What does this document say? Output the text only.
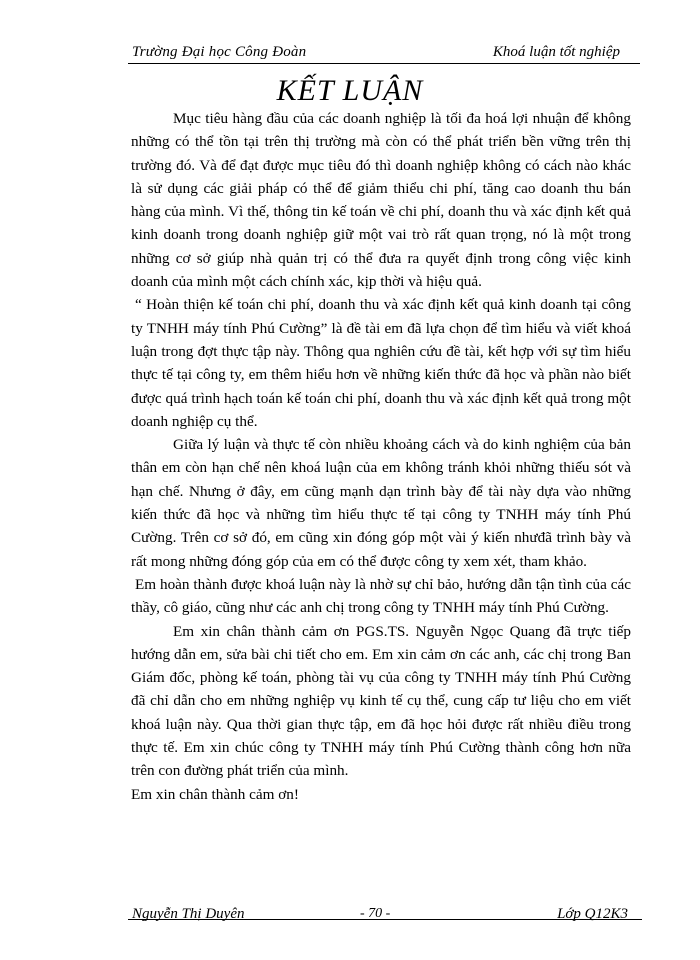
Trường Đại học Công Đoàn	Khoá luận tốt nghiệp
KẾT LUẬN

Mục tiêu hàng đầu của các doanh nghiệp là tối đa hoá lợi nhuận để không những có thể tồn tại trên thị trường mà còn có thể phát triển bền vững trên thị trường đó. Và để đạt được mục tiêu đó thì doanh nghiệp không có cách nào khác là sử dụng các giải pháp có thể để giảm thiểu chi phí, tăng cao doanh thu bán hàng của mình. Vì thế, thông tin kế toán về chi phí, doanh thu và xác định kết quả kinh doanh trong doanh nghiệp giữ một vai trò rất quan trọng, nó là một trong những cơ sở giúp nhà quản trị có thể đưa ra quyết định trong công việc kinh doanh của mình một cách chính xác, kịp thời và hiệu quả.

“ Hoàn thiện kế toán chi phí, doanh thu và xác định kết quả kinh doanh tại công ty TNHH máy tính Phú Cường” là đề tài em đã lựa chọn để tìm hiểu và viết khoá luận trong đợt thực tập này. Thông qua nghiên cứu đề tài, kết hợp với sự tìm hiểu thực tế tại công ty, em thêm hiểu hơn về những kiến thức đã học và phần nào biết được quá trình hạch toán kế toán chi phí, doanh thu và xác định kết quả trong một doanh nghiệp cụ thể.

Giữa lý luận và thực tế còn nhiều khoảng cách và do kinh nghiệm của bản thân em còn hạn chế nên khoá luận của em không tránh khỏi những thiếu sót và hạn chế. Nhưng ở đây, em cũng mạnh dạn trình bày để tài này dựa vào những kiến thức đã học và những tìm hiểu thực tế tại công ty TNHH máy tính Phú Cường. Trên cơ sở đó, em cũng xin đóng góp một vài ý kiến nhưđã trình bày và rất mong những đóng góp của em có thể được công ty xem xét, tham khảo.

Em hoàn thành được khoá luận này là nhờ sự chỉ bảo, hướng dẫn tận tình của các thầy, cô giáo, cũng như các anh chị trong công ty TNHH máy tính Phú Cường.

Em xin chân thành cảm ơn PGS.TS. Nguyễn Ngọc Quang đã trực tiếp hướng dẫn em, sửa bài chi tiết cho em. Em xin cảm ơn các anh, các chị trong Ban Giám đốc, phòng kế toán, phòng tài vụ của công ty TNHH máy tính Phú Cường đã chỉ dẫn cho em những nghiệp vụ kinh tế cụ thể, cung cấp tư liệu cho em viết khoá luận này. Qua thời gian thực tập, em đã học hỏi được rất nhiều điều trong thực tế. Em xin chúc công ty TNHH máy tính Phú Cường thành công hơn nữa trên con đường phát triển của mình.

Em xin chân thành cảm ơn!

Nguyễn Thị Duyên	- 70 -	Lớp Q12K3
